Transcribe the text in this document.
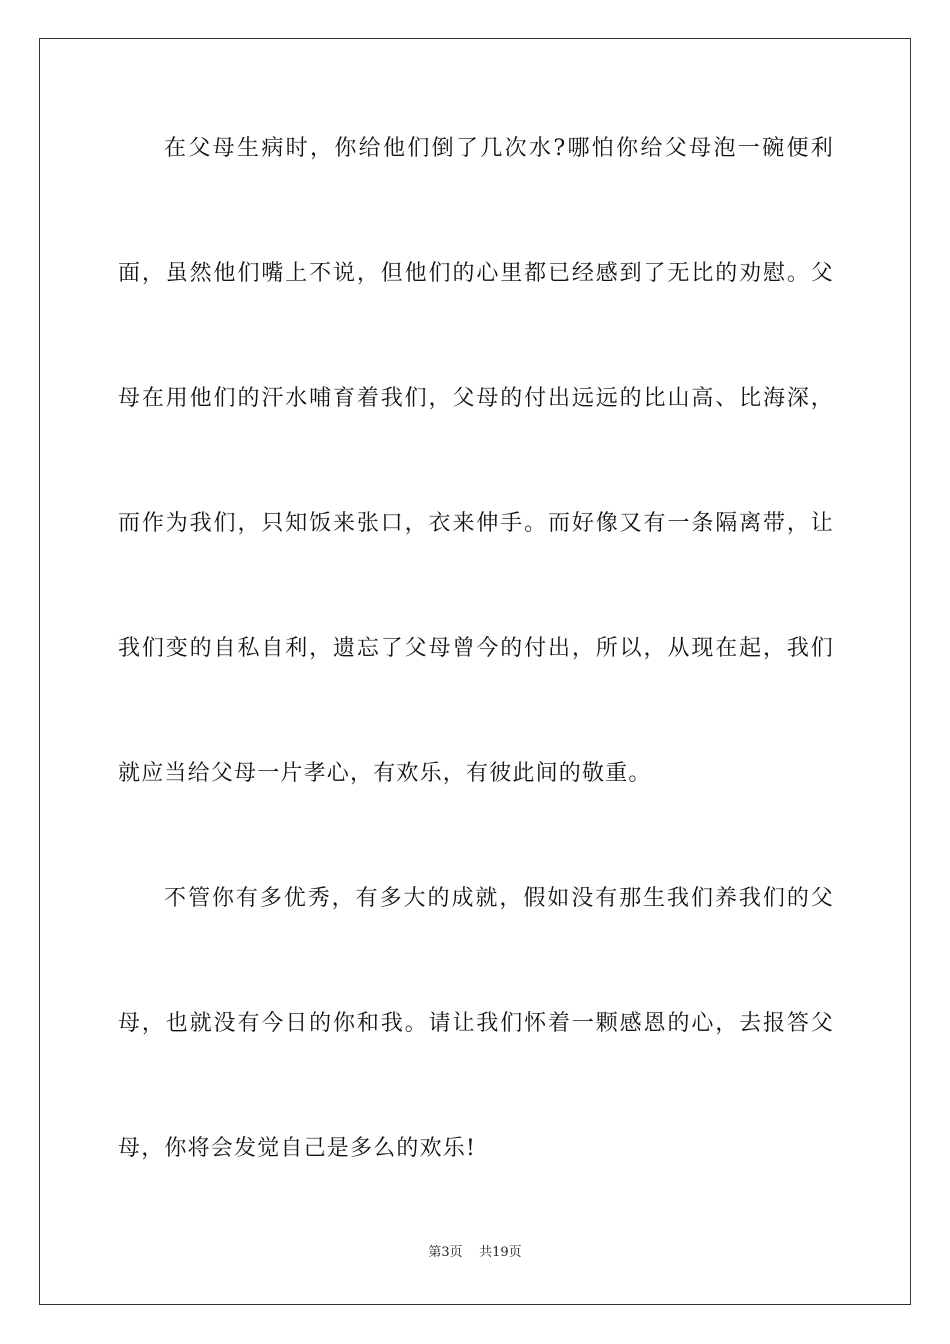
在父母生病时，你给他们倒了几次水?哪怕你给父母泡一碗便利
面，虽然他们嘴上不说，但他们的心里都已经感到了无比的劝慰。父
母在用他们的汗水哺育着我们，父母的付出远远的比山高、比海深，
而作为我们，只知饭来张口，衣来伸手。而好像又有一条隔离带，让
我们变的自私自利，遗忘了父母曾今的付出，所以，从现在起，我们
就应当给父母一片孝心，有欢乐，有彼此间的敬重。
不管你有多优秀，有多大的成就，假如没有那生我们养我们的父
母，也就没有今日的你和我。请让我们怀着一颗感恩的心，去报答父
母，你将会发觉自己是多么的欢乐!
第3页 共19页
